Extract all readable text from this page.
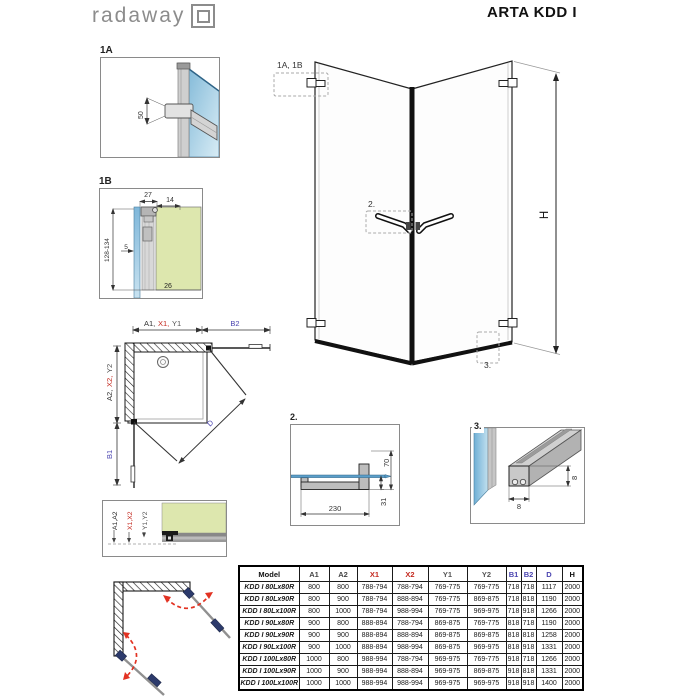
radaway	ARTA KDD I
1A
50
1B
27
14
128-134 5
26
1A, 1B
2.
3.
H
D
A1, X1, Y1	B2
A2,
X2,
Y2
B1
A1,A2 X1,X2 Y1,Y2
2.
230
31
70
3.
8
8
Model	A1	A2	X1	X2	Y1	Y2	B1	B2	D	H
KDD I 80Lx80R	800	800	788-794	788-794	769-775	769-775	718	718	1117	2000
KDD I 80Lx90R	800	900	788-794	888-894	769-775	869-875	718	818	1190	2000
KDD I 80Lx100R	800	1000	788-794	988-994	769-775	969-975	718	918	1266	2000
KDD I 90Lx80R	900	800	888-894	788-794	869-875	769-775	818	718	1190	2000
KDD I 90Lx90R	900	900	888-894	888-894	869-875	869-875	818	818	1258	2000
KDD I 90Lx100R	900	1000	888-894	988-994	869-875	969-975	818	918	1331	2000
KDD I 100Lx80R	1000	800	988-994	788-794	969-975	769-775	918	718	1266	2000
KDD I 100Lx90R	1000	900	988-994	888-894	969-975	869-875	918	818	1331	2000
KDD I 100Lx100R	1000	1000	988-994	988-994	969-975	969-975	918	918	1400	2000
